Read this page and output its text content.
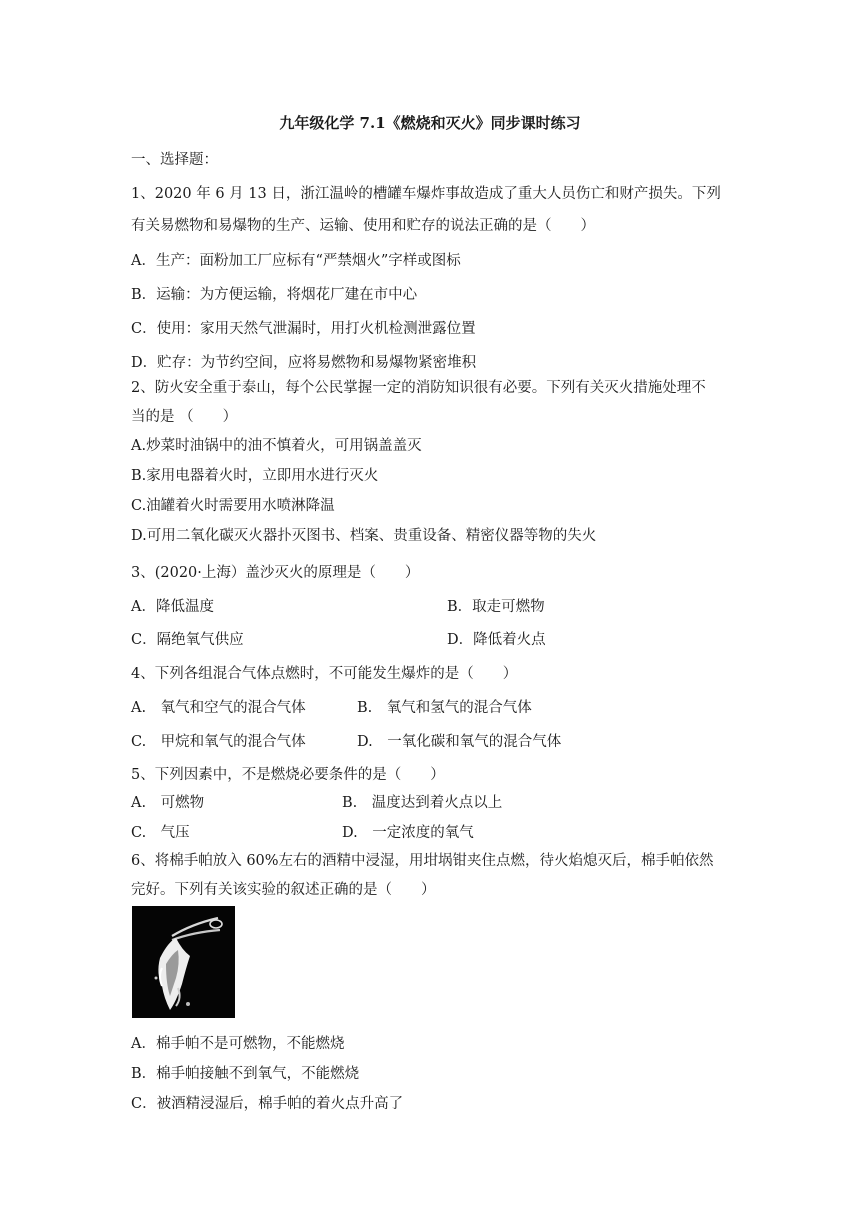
九年级化学 7.1《燃烧和灭火》同步课时练习
一、选择题：
1、2020 年 6 月 13 日，浙江温岭的槽罐车爆炸事故造成了重大人员伤亡和财产损失。下列
有关易燃物和易爆物的生产、运输、使用和贮存的说法正确的是（　　）
A．生产：面粉加工厂应标有“严禁烟火”字样或图标
B．运输：为方便运输，将烟花厂建在市中心
C．使用：家用天然气泄漏时，用打火机检测泄露位置
D．贮存：为节约空间，应将易燃物和易爆物紧密堆积
2、防火安全重于泰山，每个公民掌握一定的消防知识很有必要。下列有关灭火措施处理不
当的是 （　　）
A.炒菜时油锅中的油不慎着火，可用锅盖盖灭
B.家用电器着火时，立即用水进行灭火
C.油罐着火时需要用水喷淋降温
D.可用二氧化碳灭火器扑灭图书、档案、贵重设备、精密仪器等物的失火
3、(2020·上海）盖沙灭火的原理是（　　）
A．降低温度	B．取走可燃物
C．隔绝氧气供应	D．降低着火点
4、下列各组混合气体点燃时，不可能发生爆炸的是（　　）
A.　氧气和空气的混合气体	B.　氧气和氢气的混合气体
C.　甲烷和氧气的混合气体	D.　一氧化碳和氧气的混合气体
5、下列因素中，不是燃烧必要条件的是（　　）
A.　可燃物	B.　温度达到着火点以上
C.　气压	D.　一定浓度的氧气
6、将棉手帕放入 60%左右的酒精中浸湿，用坩埚钳夹住点燃，待火焰熄灭后，棉手帕依然
完好。下列有关该实验的叙述正确的是（　　）
A．棉手帕不是可燃物，不能燃烧
B．棉手帕接触不到氧气，不能燃烧
C．被酒精浸湿后，棉手帕的着火点升高了
